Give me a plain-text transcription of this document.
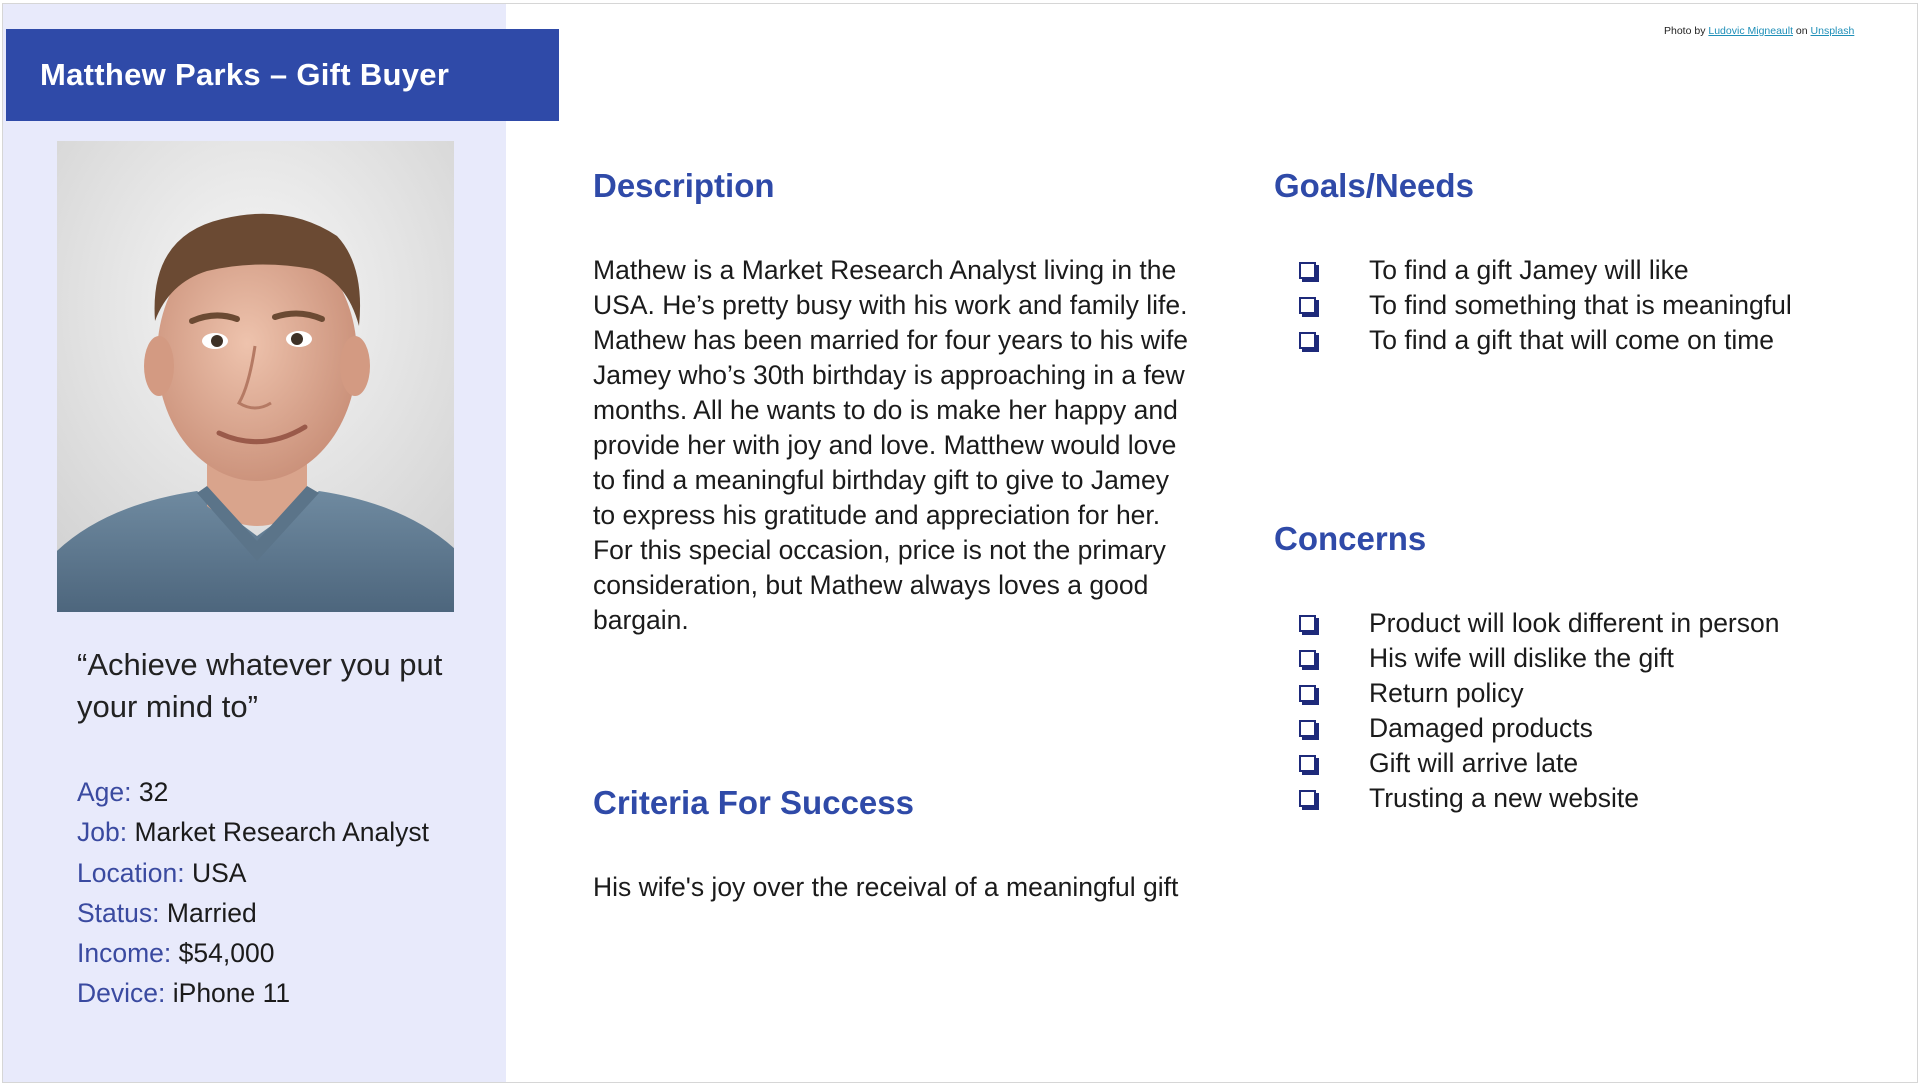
Matthew Parks – Gift Buyer
“Achieve whatever you put your mind to”
Age: 32
Job: Market Research Analyst
Location: USA
Status: Married
Income: $54,000
Device: iPhone 11
Photo by Ludovic Migneault on Unsplash
Description
Mathew is a Market Research Analyst living in the USA. He’s pretty busy with his work and family life. Mathew has been married for four years to his wife Jamey who’s 30th birthday is approaching in a few months. All he wants to do is make her happy and provide her with joy and love. Matthew would love to find a meaningful birthday gift to give to Jamey to express his gratitude and appreciation for her. For this special occasion, price is not the primary consideration, but Mathew always loves a good bargain.
Criteria For Success
His wife's joy over the receival of a meaningful gift
Goals/Needs
To find a gift Jamey will like
To find something that is meaningful
To find a gift that will come on time
Concerns
Product will look different in person
His wife will dislike the gift
Return policy
Damaged products
Gift will arrive late
Trusting a new website
